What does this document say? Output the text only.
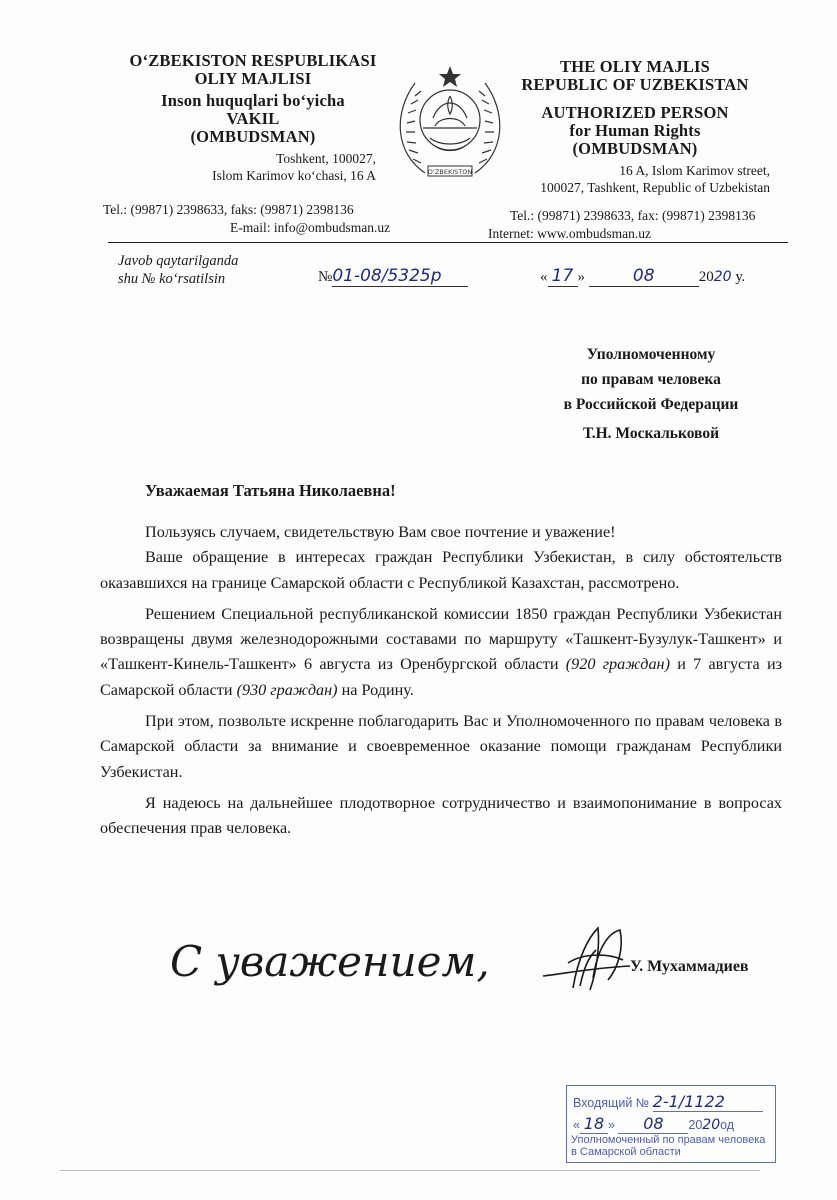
O‘ZBEKISTON RESPUBLIKASI
OLIY MAJLISI
Inson huquqlari bo‘yicha
VAKIL
(OMBUDSMAN)
Toshkent, 100027,
Islom Karimov ko‘chasi, 16 A
Tel.: (99871) 2398633, faks: (99871) 2398136
E-mail: info@ombudsman.uz
O‘ZBEKISTON
THE OLIY MAJLIS
REPUBLIC OF UZBEKISTAN
AUTHORIZED PERSON
for Human Rights
(OMBUDSMAN)
16 A, Islom Karimov street,
100027, Tashkent, Republic of Uzbekistan
Tel.: (99871) 2398633, fax: (99871) 2398136
Internet: www.ombudsman.uz
Javob qaytarilganda
shu № ko‘rsatilsin	№01-08/5325р	« 17 »	08	2020 у.
Уполномоченному
по правам человека
в Российской Федерации
Т.Н. Москальковой
Уважаемая Татьяна Николаевна!

Пользуясь случаем, свидетельствую Вам свое почтение и уважение!

Ваше обращение в интересах граждан Республики Узбекистан, в силу обстоятельств оказавшихся на границе Самарской области с Республикой Казахстан, рассмотрено.

Решением Специальной республиканской комиссии 1850 граждан Республики Узбекистан возвращены двумя железнодорожными составами по маршруту «Ташкент-Бузулук-Ташкент» и «Ташкент-Кинель-Ташкент» 6 августа из Оренбургской области (920 граждан) и 7 августа из Самарской области (930 граждан) на Родину.

При этом, позвольте искренне поблагодарить Вас и Уполномоченного по правам человека в Самарской области за внимание и своевременное оказание помощи гражданам Республики Узбекистан.

Я надеюсь на дальнейшее плодотворное сотрудничество и взаимопонимание в вопросах обеспечения прав человека.

С уважением,	У. Мухаммадиев
Входящий № 2-1/1122
« 18 » 08 2020од
Уполномоченный по правам человека в Самарской области
